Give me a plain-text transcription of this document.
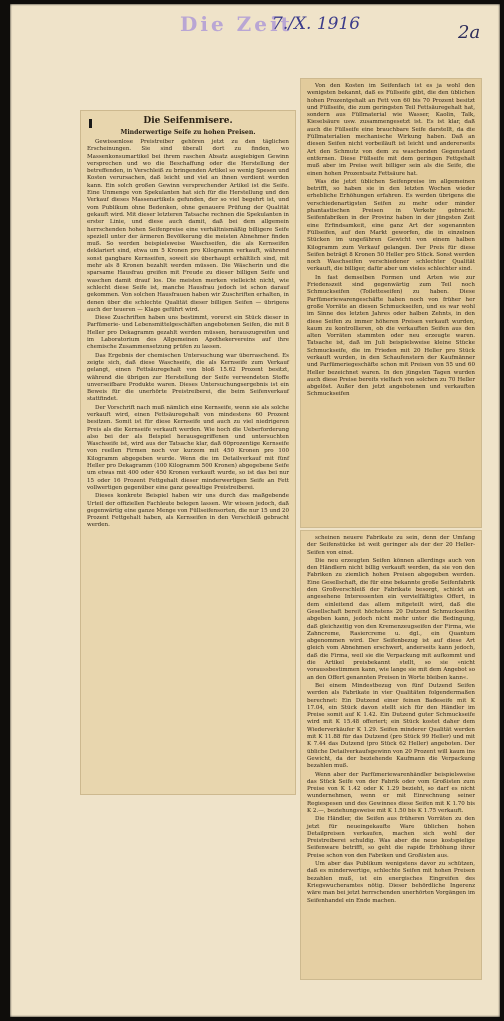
Die Zeit
7./X. 1916	2a
Die Seifenmisere.
Minderwertige Seife zu hohen Preisen.

Gewissenlose Preistreiber gehören jetzt zu den täglichen Erscheinungen. Sie sind überall dort zu finden, wo Massenkonsumartikel bei ihrem raschen Absatz ausgiebigen Gewinn versprechen und wo die Beschaffung oder die Herstellung der betreffenden, in Verschleiß zu bringenden Artikel so wenig Spesen und Kosten verursachen, daß leicht und viel an ihnen verdient werden kann. Ein solch großen Gewinn versprechender Artikel ist die Seife. Eine Unmenge von Spekulanten hat sich für die Herstellung und den Verkauf dieses Massenartikels gefunden, der so viel begehrt ist, und vom Publikum ohne Bedenken, ohne genauere Prüfung der Qualität gekauft wird. Mit dieser letzteren Tatsache rechnen die Spekulanten in erster Linie, und diese auch damit, daß bei dem allgemein herrschenden hohen Seifenpreise eine verhältnismäßig billigere Seife speziell unter der ärmeren Bevölkerung die meisten Abnehmer finden muß. So werden beispielsweise Waschseifen, die als Kernseifen deklariert sind, etwa um 5 Kronen pro Kilogramm verkauft, während sonst gangbare Kernseifen, soweit sie überhaupt erhältlich sind, mit mehr als 8 Kronen bezahlt werden müssen. Die Wäscherin und die sparsame Hausfrau greifen mit Freude zu dieser billigen Seife und waschen damit drauf los. Die meisten merken vielleicht nicht, wie schlecht diese Seife ist, manche Hausfrau jedoch ist schon darauf gekommen. Von solchen Hausfrauen haben wir Zuschriften erhalten, in denen über die schlechte Qualität dieser billigen Seifen — übrigens auch der teueren — Klage geführt wird.

Diese Zuschriften haben uns bestimmt, vorerst ein Stück dieser in Parfümerie- und Lebensmittelgeschäften angebotenen Seifen, die mit 8 Heller pro Dekagramm gezahlt werden müssen, herauszugreifen und im Laboratorium des Allgemeinen Apothekervereins auf ihre chemische Zusammensetzung prüfen zu lassen.

Das Ergebnis der chemischen Untersuchung war überraschend. Es zeigte sich, daß diese Waschseife, die als Kernseife zum Verkauf gelangt, einen Fettsäuregehalt von bloß 15.62 Prozent besitzt, während die übrigen zur Herstellung der Seife verwendeten Stoffe unverseifbare Produkte waren. Dieses Untersuchungsergebnis ist ein Beweis für die unerhörte Preistreiberei, die beim Seifenverkauf stattfindet.

Der Vorschrift nach muß nämlich eine Kernseife, wenn sie als solche verkauft wird, einen Fettsäuregehalt von mindestens 60 Prozent besitzen. Somit ist für diese Kernseife und auch zu viel niedrigeren Preis als die Kernseife verkauft werden. Wie hoch die Ueberforderung also bei der als Beispiel herausgegriffenen und untersuchten Waschseife ist, wird aus der Tatsache klar, daß 60prozentige Kernseife von reellen Firmen noch vor kurzem mit 450 Kronen pro 100 Kilogramm abgegeben wurde. Wenn die im Detailverkauf mit fünf Heller pro Dekagramm (100 Kilogramm 500 Kronen) abgegebene Seife um etwas mit 400 oder 450 Kronen verkauft wurde, so ist das bei nur 15 oder 16 Prozent Fettgehalt dieser minderwertigen Seife an Fett vollwertigen gegenüber eine ganz gewaltige Preistreiberei.

Dieses konkrete Beispiel haben wir uns durch das maßgebende Urteil der offiziellen Fachleute belegen lassen. Wir wissen jedoch, daß gegenwärtig eine ganze Menge von Füllseifensorten, die nur 15 und 20 Prozent Fettgehalt haben, als Kernseifen in den Verschleiß gebracht werden.

Von den Kosten im Seifenfach ist es ja wohl den wenigsten bekannt, daß es Füllseife gibt, die den üblichen hohen Prozentgehalt an Fett von 60 bis 70 Prozent besitzt und Füllseife, die zum geringsten Teil Fettsäuregehalt hat, sondern aus Füllmaterial wie Wasser, Kaolin, Talk, Kieselsäure usw. zusammengesetzt ist. Es ist klar, daß auch die Füllseife eine brauchbare Seife darstellt, da die Füllmaterialien mechanische Wirkung haben. Daß an diesen Seifen nicht vorbeiläuft ist leicht und andererseits Art den Schmutz von dem zu waschenden Gegenstand entfernen. Diese Füllseife mit dem geringen Fettgehalt muß aber im Preise weit billiger sein als die Seife, die einen hohen Prozentsatz Fettsäure hat.

Was die jetzt üblichen Seifenpreise im allgemeinen betrifft, so haben sie in den letzten Wochen wieder erhebliche Erhöhungen erfahren. Es werden übrigens die verschiedenartigsten Seifen zu mehr oder minder phantastischen Preisen in Verkehr gebracht. Seifenfabriken in der Provinz haben in der jüngsten Zeit eine Erfindsamkeit, eine ganz Art der sogenannten Füllseifen, auf den Markt geworfen, die in einzelnen Stücken im ungefähren Gewicht von einem halben Kilogramm zum Verkauf gelangen. Der Preis für diese Seifen beträgt 8 Kronen 50 Heller pro Stück. Sonst werden noch Waschseifen verschiedener schlechter Qualität verkauft, die billiger, dafür aber um vieles schlechter sind.

In fast demselben Formen und Arten wie zur Friedenszeit sind gegenwärtig zum Teil noch Schmuckseifen (Toiletteseifen) zu haben. Diese Parfümeriewarengeschäfte haben noch von früher her große Vorräte an diesen Schmuckseifen, und es war wohl im Sinne des letzten Jahres oder halben Zehnts, in den diese Seifen zu immer höheren Preisen verkauft wurden, kaum zu kontrollieren, ob die verkauften Seifen aus den alten Vorräten stammten oder neu erzeugte waren. Tatsache ist, daß im Juli beispielsweise kleine Stücke Schmuckseife, die im Frieden mit 20 Heller pro Stück verkauft wurden, in den Schaufenstern der Kaufmänner und Parfümeriegeschäfte schon mit Preisen von 55 und 60 Heller bezeichnet waren. In den jüngsten Tagen wurden auch diese Preise bereits vielfach von solchen zu 70 Heller abgelöst. Außer den jetzt angebotenen und verkauften Schmuckseifen

scheinen neuere Fabrikate zu sein, denn der Umfang der Seifenstücke ist weit geringer als der der 20 Heller-Seifen von einst.

Die neu erzeugten Seifen können allerdings auch von den Händlern nicht billig verkauft werden, da sie von den Fabriken zu ziemlich hohen Preisen abgegeben werden. Eine Gesellschaft, die für eine bekannte große Seifenfabrik den Großverschleiß der Fabrikate besorgt, schickt an angesehene Interessenten ein vervielfältigtes Offert, in dem einleitend das allem mitgeteilt wird, daß die Gesellschaft bereit höchstens 20 Dutzend Schmuckseifen abgeben kann, jedoch nicht mehr unter die Bedingung, daß gleichzeitig von den Kremenzeugseifen der Firma, wie Zahncreme, Rasiercreme u. dgl., ein Quantum abgenommen wird. Der Seifenbezug ist auf diese Art gleich vom Abnehmen erschwert, anderseits kann jedoch, daß die Firma, weil sie die Verpackung mit aufkommt und die Artikel preisbekannt stellt, so sie »nicht voraussbestimmen kann, wie lange sie mit dem Angebot so an den Offert genannten Preisen in Worte bleiben kann«.

Bei einem Mindestbezug von fünf Dutzend Seifen werden als Fabrikate in vier Qualitäten folgendermaßen berechnet: Ein Dutzend einer feinen Badeseife mit K 17.04, ein Stück davon stellt sich für den Händler im Preise somit auf K 1.42. Ein Dutzend guter Schmuckseife wird mit K 15.48 offeriert; ein Stück kostet daher dem Wiederverkäufer K 1.29. Seifen minderer Qualität werden mit K 11.88 für das Dutzend (pro Stück 99 Heller) und mit K 7.44 das Dutzend (pro Stück 62 Heller) angeboten. Der übliche Detailverkaufsgewinn von 20 Prozent will kaum ins Gewicht, da der beziehende Kaufmann die Verpackung bezahlen muß.

Wenn aber der Parfümeriewarenhändler beispielsweise das Stück Seife von der Fabrik oder vom Großisten zum Preise von K 1.42 oder K 1.29 bezieht, so darf es nicht wundernehmen, wenn er mit Einrechnung seiner Regiespesen und des Gewinnes diese Seifen mit K 1.70 bis K 2.—, beziehungsweise mit K 1.50 bis K 1.75 verkauft.

Die Händler, die Seifen aus früheren Vorräten zu den jetzt für neueingekaufte Ware üblichen hohen Detailpreisen verkaufen, machen sich wohl der Preistreiberei schuldig. Was aber die neue kostspielige Seifenware betrifft, so geht die rapide Erhöhung ihrer Preise schon von den Fabriken und Großisten aus.

Um aber das Publikum wenigstens davor zu schützen, daß es minderwertige, schlechte Seifen mit hohen Preisen bezahlen muß, ist ein energisches Eingreifen des Kriegswucheramtes nötig. Dieser behördliche Ingerenz wäre man bei jetzt herrschenden unerhörten Vorgängen im Seifenhandel ein Ende machen.
